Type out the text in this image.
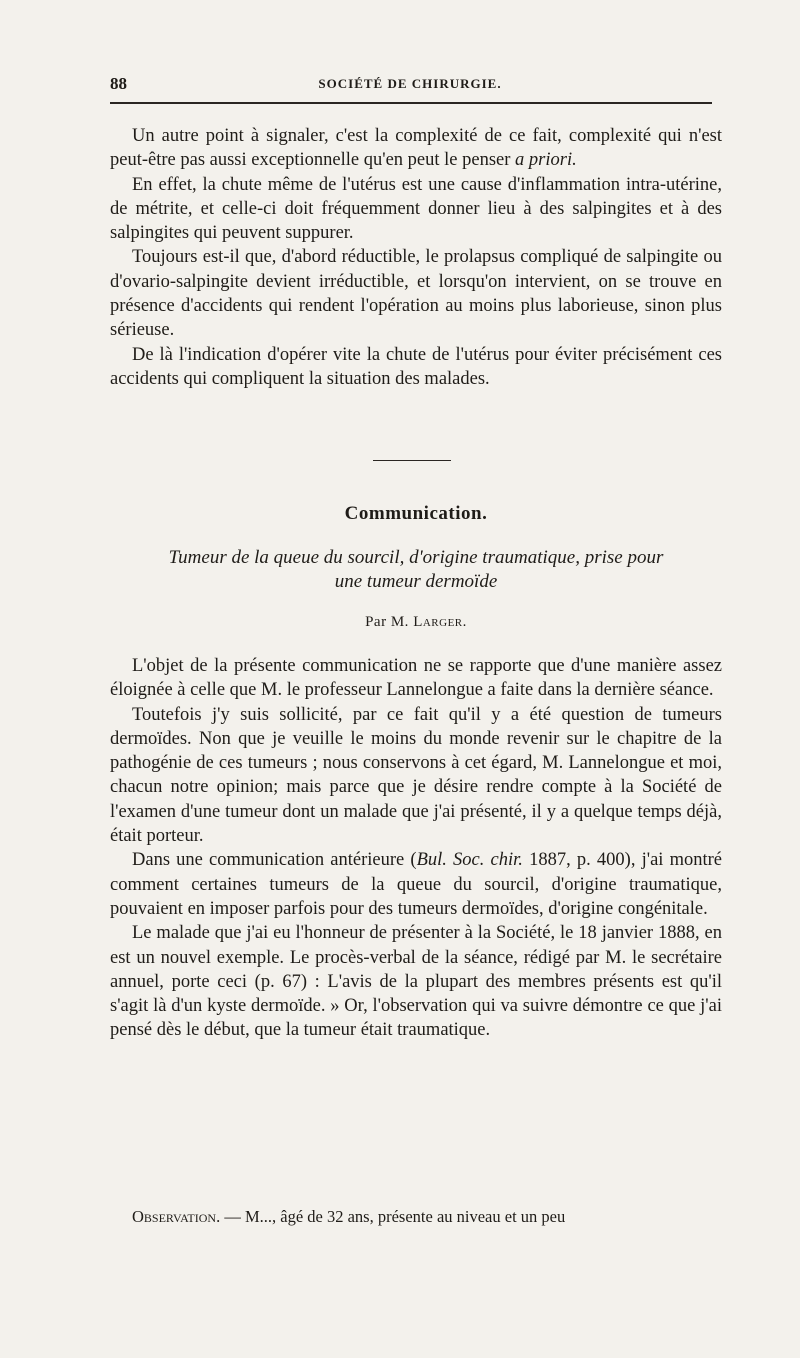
88	SOCIÉTÉ DE CHIRURGIE.

Un autre point à signaler, c'est la complexité de ce fait, complexité qui n'est peut-être pas aussi exceptionnelle qu'en peut le penser a priori.

En effet, la chute même de l'utérus est une cause d'inflammation intra-utérine, de métrite, et celle-ci doit fréquemment donner lieu à des salpingites et à des salpingites qui peuvent suppurer.

Toujours est-il que, d'abord réductible, le prolapsus compliqué de salpingite ou d'ovario-salpingite devient irréductible, et lorsqu'on intervient, on se trouve en présence d'accidents qui rendent l'opération au moins plus laborieuse, sinon plus sérieuse.

De là l'indication d'opérer vite la chute de l'utérus pour éviter précisément ces accidents qui compliquent la situation des malades.

Communication.
Tumeur de la queue du sourcil, d'origine traumatique, prise pour
une tumeur dermoïde
Par M. Larger.

L'objet de la présente communication ne se rapporte que d'une manière assez éloignée à celle que M. le professeur Lannelongue a faite dans la dernière séance.

Toutefois j'y suis sollicité, par ce fait qu'il y a été question de tumeurs dermoïdes. Non que je veuille le moins du monde revenir sur le chapitre de la pathogénie de ces tumeurs ; nous conservons à cet égard, M. Lannelongue et moi, chacun notre opinion; mais parce que je désire rendre compte à la Société de l'examen d'une tumeur dont un malade que j'ai présenté, il y a quelque temps déjà, était porteur.

Dans une communication antérieure (Bul. Soc. chir. 1887, p. 400), j'ai montré comment certaines tumeurs de la queue du sourcil, d'origine traumatique, pouvaient en imposer parfois pour des tumeurs dermoïdes, d'origine congénitale.

Le malade que j'ai eu l'honneur de présenter à la Société, le 18 janvier 1888, en est un nouvel exemple. Le procès-verbal de la séance, rédigé par M. le secrétaire annuel, porte ceci (p. 67) : L'avis de la plupart des membres présents est qu'il s'agit là d'un kyste dermoïde. » Or, l'observation qui va suivre démontre ce que j'ai pensé dès le début, que la tumeur était traumatique.

Observation. — M..., âgé de 32 ans, présente au niveau et un peu
